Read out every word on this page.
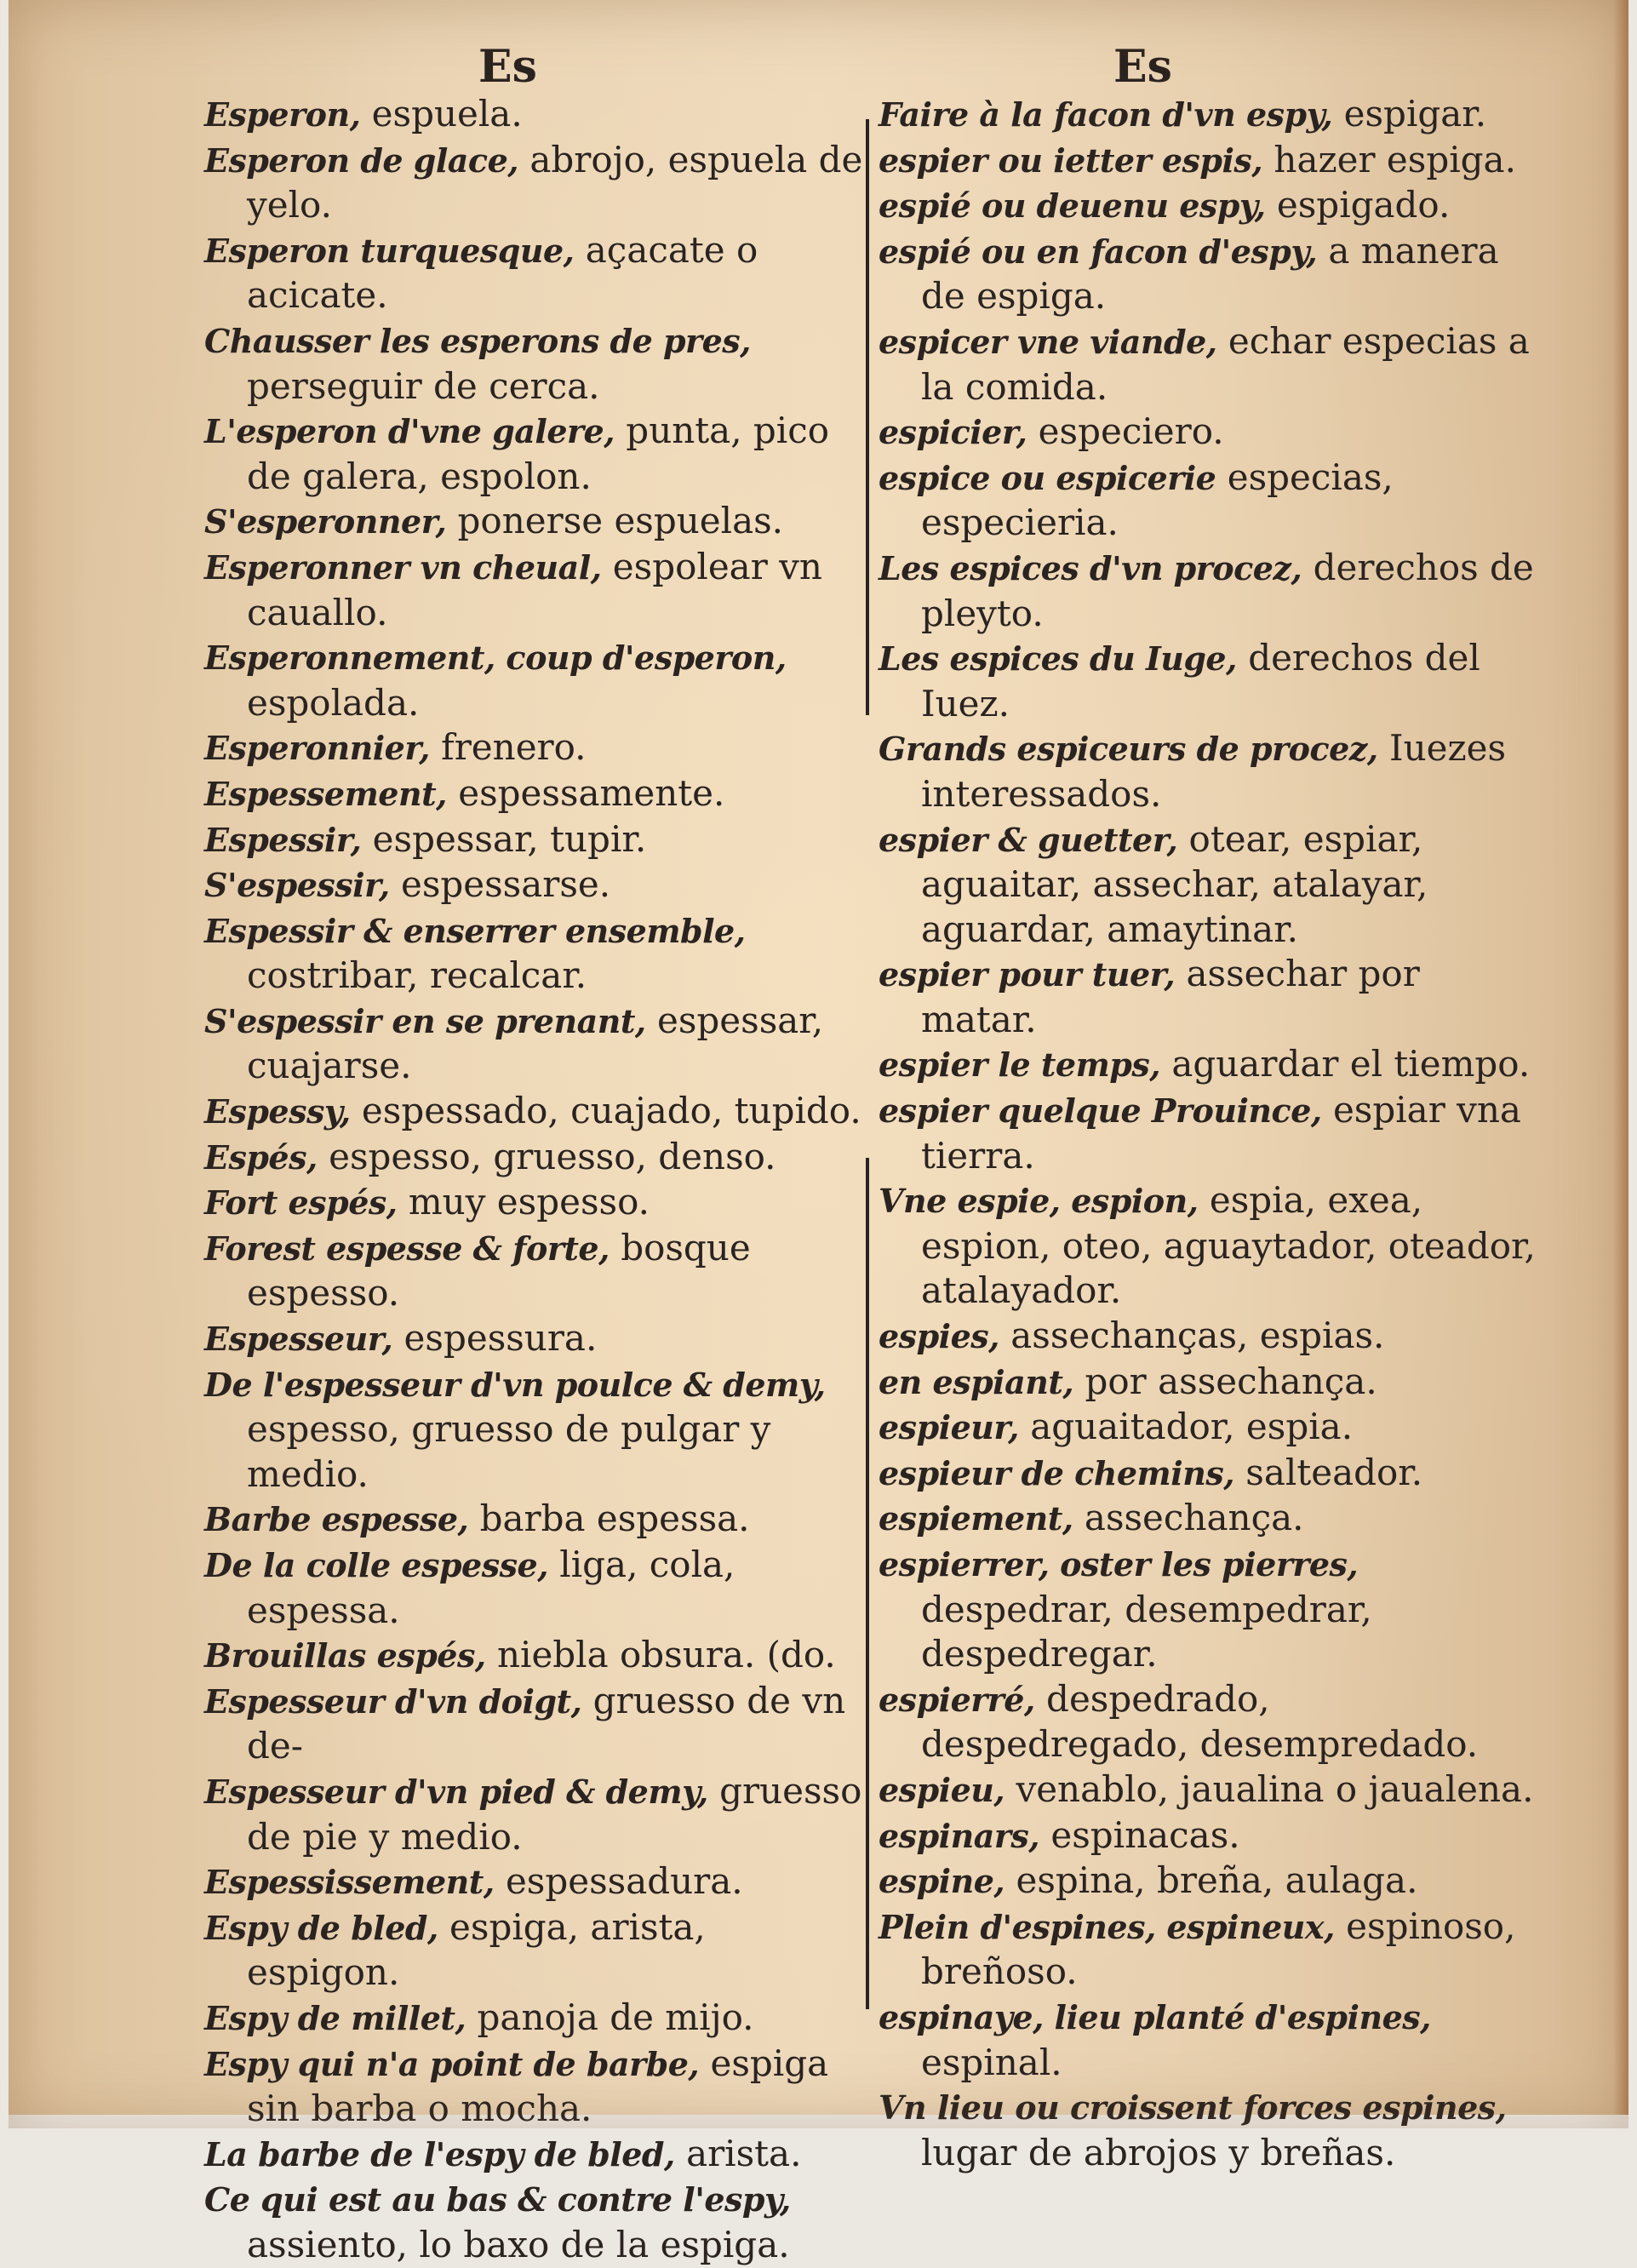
Es	Es
Esperon, espuela.
Esperon de glace, abrojo, espuela de yelo.
Esperon turquesque, açacate o acicate.
Chausser les esperons de pres, perseguir de cerca.
L'esperon d'vne galere, punta, pico de galera, espolon.
S'esperonner, ponerse espuelas.
Esperonner vn cheual, espolear vn cauallo.
Esperonnement, coup d'esperon, espolada.
Esperonnier, frenero.
Espessement, espessamente.
Espessir, espessar, tupir.
S'espessir, espessarse.
Espessir & enserrer ensemble, costribar, recalcar.
S'espessir en se prenant, espessar, cuajarse.
Espessy, espessado, cuajado, tupido.
Espés, espesso, gruesso, denso.
Fort espés, muy espesso.
Forest espesse & forte, bosque espesso.
Espesseur, espessura.
De l'espesseur d'vn poulce & demy, espesso, gruesso de pulgar y medio.
Barbe espesse, barba espessa.
De la colle espesse, liga, cola, espessa.
Brouillas espés, niebla obsura. (do.
Espesseur d'vn doigt, gruesso de vn de-
Espesseur d'vn pied & demy, gruesso de pie y medio.
Espessissement, espessadura.
Espy de bled, espiga, arista, espigon.
Espy de millet, panoja de mijo.
Espy qui n'a point de barbe, espiga sin barba o mocha.
La barbe de l'espy de bled, arista.
Ce qui est au bas & contre l'espy, assiento, lo baxo de la espiga.
Faire à la facon d'vn espy, espigar.
espier ou ietter espis, hazer espiga.
espié ou deuenu espy, espigado.
espié ou en facon d'espy, a manera de espiga.
espicer vne viande, echar especias a la comida.
espicier, especiero.
espice ou espicerie especias, especieria.
Les espices d'vn procez, derechos de pleyto.
Les espices du Iuge, derechos del Iuez.
Grands espiceurs de procez, Iuezes interessados.
espier & guetter, otear, espiar, aguaitar, assechar, atalayar, aguardar, amaytinar.
espier pour tuer, assechar por matar.
espier le temps, aguardar el tiempo.
espier quelque Prouince, espiar vna tierra.
Vne espie, espion, espia, exea, espion, oteo, aguaytador, oteador, atalayador.
espies, assechanças, espias.
en espiant, por assechança.
espieur, aguaitador, espia.
espieur de chemins, salteador.
espiement, assechança.
espierrer, oster les pierres, despedrar, desempedrar, despedregar.
espierré, despedrado, despedregado, desempredado.
espieu, venablo, jaualina o jaualena.
espinars, espinacas.
espine, espina, breña, aulaga.
Plein d'espines, espineux, espinoso, breñoso.
espinaye, lieu planté d'espines, espinal.
Vn lieu ou croissent forces espines, lugar de abrojos y breñas.
